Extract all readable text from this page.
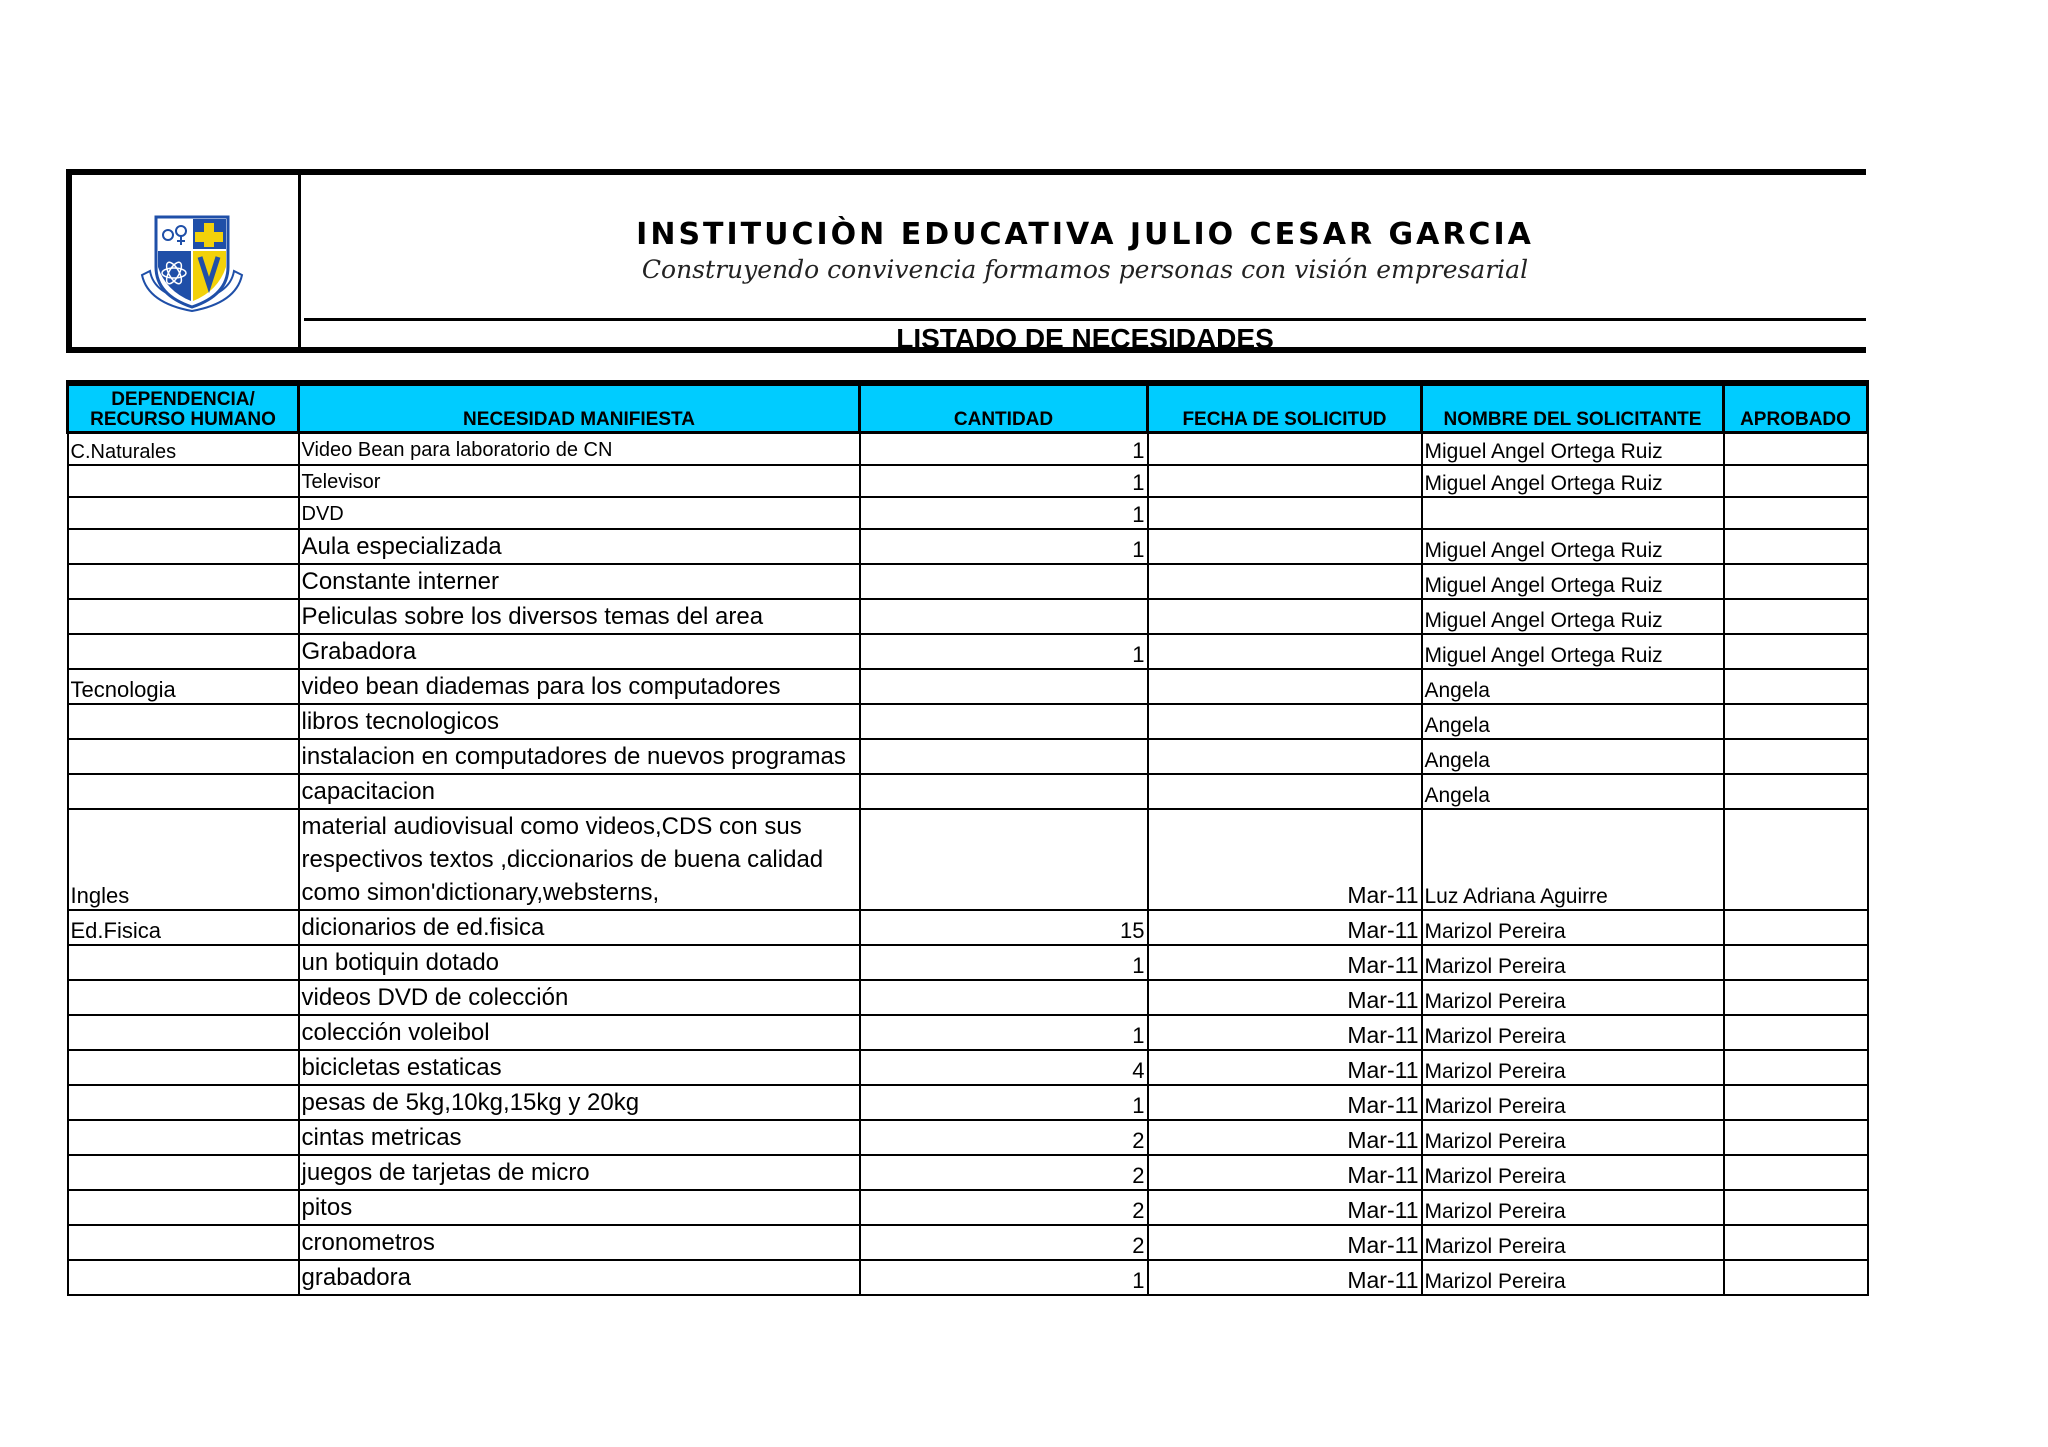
INSTITUCIÒN EDUCATIVA JULIO CESAR GARCIA
Construyendo convivencia formamos personas con visión empresarial
LISTADO DE NECESIDADES
DEPENDENCIA/
RECURSO HUMANO	NECESIDAD MANIFIESTA	CANTIDAD	FECHA DE SOLICITUD	NOMBRE DEL SOLICITANTE	APROBADO
C.Naturales	Video Bean para laboratorio de CN	1		Miguel Angel Ortega Ruiz	
	Televisor	1		Miguel Angel Ortega Ruiz	
	DVD	1			
	Aula especializada	1		Miguel Angel Ortega Ruiz	
	Constante interner			Miguel Angel Ortega Ruiz	
	Peliculas sobre los diversos temas del area			Miguel Angel Ortega Ruiz	
	Grabadora	1		Miguel Angel Ortega Ruiz	
Tecnologia	video bean diademas para los computadores			Angela	
	libros tecnologicos			Angela	
	instalacion en computadores de nuevos programas			Angela	
	capacitacion			Angela	
Ingles	material audiovisual como videos,CDS con sus respectivos textos ,diccionarios de buena calidad como simon'dictionary,websterns,		Mar-11	Luz Adriana Aguirre	
Ed.Fisica	dicionarios de ed.fisica	15	Mar-11	Marizol Pereira	
	un botiquin dotado	1	Mar-11	Marizol Pereira	
	videos DVD de colección		Mar-11	Marizol Pereira	
	colección voleibol	1	Mar-11	Marizol Pereira	
	bicicletas estaticas	4	Mar-11	Marizol Pereira	
	pesas de 5kg,10kg,15kg y 20kg	1	Mar-11	Marizol Pereira	
	cintas metricas	2	Mar-11	Marizol Pereira	
	juegos de tarjetas de micro	2	Mar-11	Marizol Pereira	
	pitos	2	Mar-11	Marizol Pereira	
	cronometros	2	Mar-11	Marizol Pereira	
	grabadora	1	Mar-11	Marizol Pereira	
